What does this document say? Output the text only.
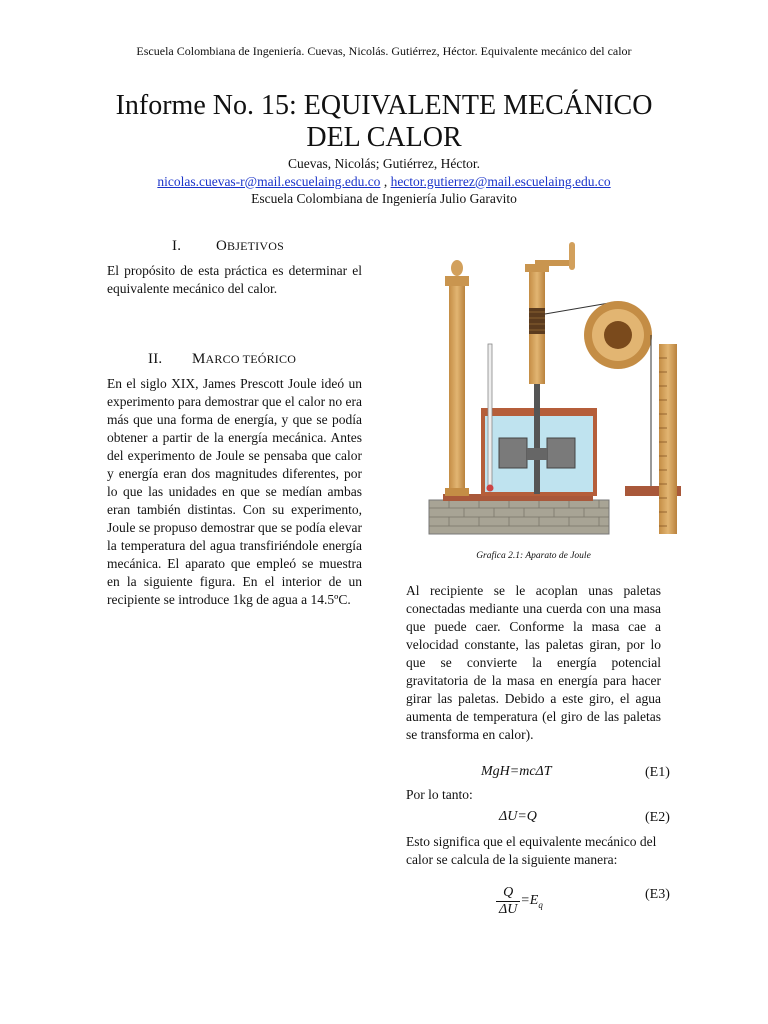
Escuela Colombiana de Ingeniería. Cuevas, Nicolás. Gutiérrez, Héctor. Equivalente mecánico del calor
Informe No. 15: EQUIVALENTE MECÁNICO
DEL CALOR
Cuevas, Nicolás; Gutiérrez, Héctor.
nicolas.cuevas-r@mail.escuelaing.edu.co , hector.gutierrez@mail.escuelaing.edu.co
Escuela Colombiana de Ingeniería Julio Garavito
I. OBJETIVOS
El propósito de esta práctica es determinar el equivalente mecánico del calor.
II. MARCO TEÓRICO
En el siglo XIX, James Prescott Joule ideó un experimento para demostrar que el calor no era más que una forma de energía, y que se podía obtener a partir de la energía mecánica. Antes del experimento de Joule se pensaba que calor y energía eran dos magnitudes diferentes, por lo que las unidades en que se medían ambas eran también distintas. Con su experimento, Joule se propuso demostrar que se podía elevar la temperatura del agua transfiriéndole energía mecánica. El aparato que empleó se muestra en la siguiente figura. En el interior de un recipiente se introduce 1kg de agua a 14.5ºC.
Grafica 2.1: Aparato de Joule
Al recipiente se le acoplan unas paletas conectadas mediante una cuerda con una masa que puede caer. Conforme la masa cae a velocidad constante, las paletas giran, por lo que se convierte la energía potencial gravitatoria de la masa en energía para hacer girar las paletas. Debido a este giro, el agua aumenta de temperatura (el giro de las paletas se transforma en calor).
MgH=mcΔT	(E1)
Por lo tanto:
ΔU=Q	(E2)
Esto significa que el equivalente mecánico del calor se calcula de la siguiente manera:
$\frac{Q}{\Delta U} =E_q$
(E3)
